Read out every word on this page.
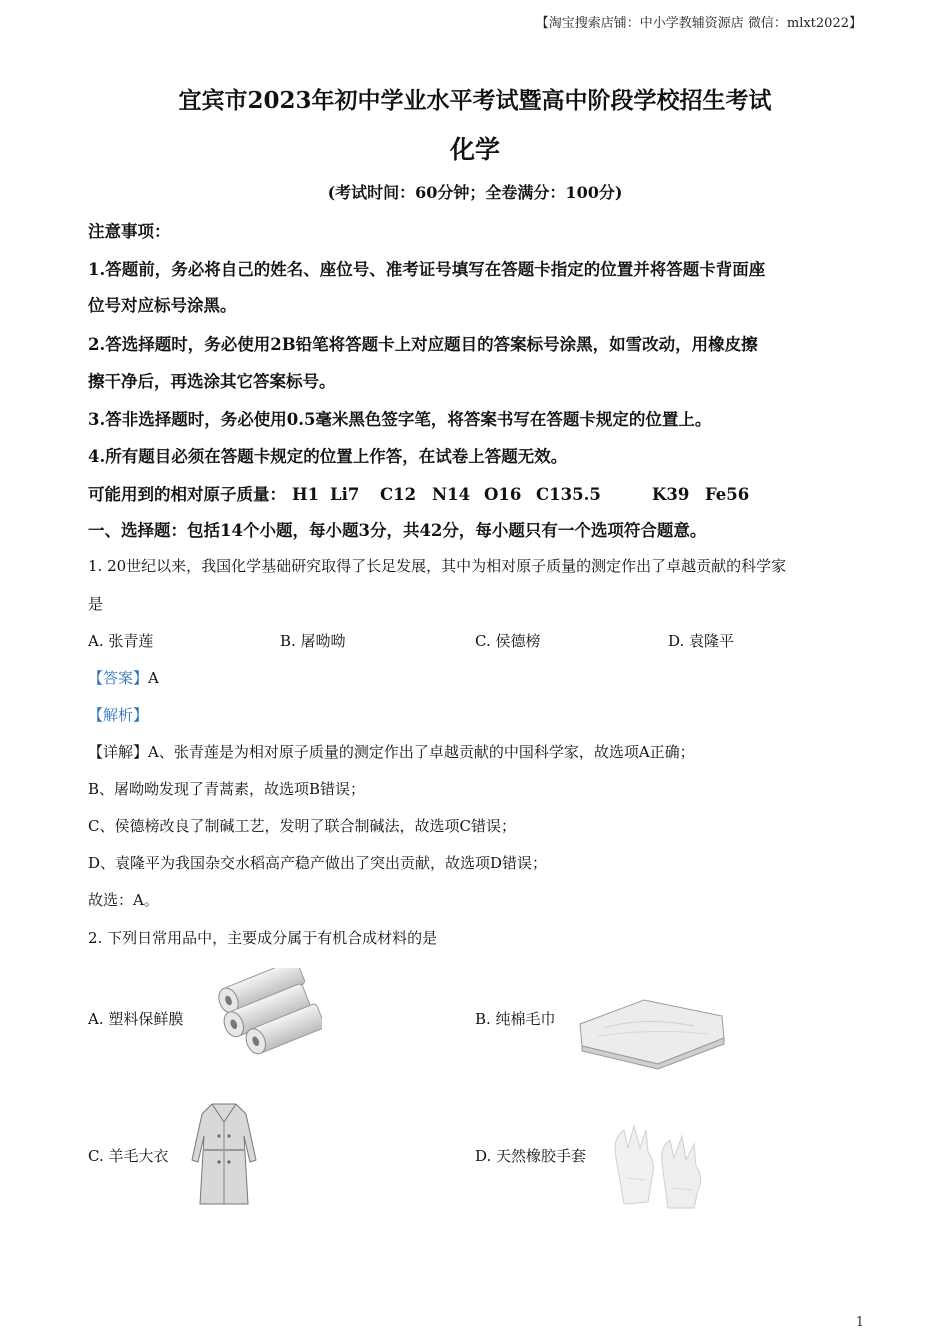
【淘宝搜索店铺：中小学教辅资源店 微信：mlxt2022】
宜宾市2023年初中学业水平考试暨高中阶段学校招生考试
化学
(考试时间：60分钟；全卷满分：100分)
注意事项：
1.答题前，务必将自己的姓名、座位号、准考证号填写在答题卡指定的位置并将答题卡背面座
位号对应标号涂黑。
2.答选择题时，务必使用2B铅笔将答题卡上对应题目的答案标号涂黑，如雪改动，用橡皮擦
擦干净后，再选涂其它答案标号。
3.答非选择题时，务必使用0.5毫米黑色签字笔，将答案书写在答题卡规定的位置上。
4.所有题目必须在答题卡规定的位置上作答，在试卷上答题无效。
可能用到的相对原子质量： H1 Li7 C12 N14 O16 C135.5	K39 Fe56
一、选择题：包括14个小题，每小题3分，共42分，每小题只有一个选项符合题意。
1. 20世纪以来，我国化学基础研究取得了长足发展，其中为相对原子质量的测定作出了卓越贡献的科学家
是
A. 张青莲	B. 屠呦呦	C. 侯德榜	D. 袁隆平
【答案】A
【解析】
【详解】A、张青莲是为相对原子质量的测定作出了卓越贡献的中国科学家，故选项A正确；
B、屠呦呦发现了青蒿素，故选项B错误；
C、侯德榜改良了制碱工艺，发明了联合制碱法，故选项C错误；
D、袁隆平为我国杂交水稻高产稳产做出了突出贡献，故选项D错误；
故选：A。
2. 下列日常用品中，主要成分属于有机合成材料的是
A. 塑料保鲜膜	B. 纯棉毛巾
C. 羊毛大衣	D. 天然橡胶手套
1
